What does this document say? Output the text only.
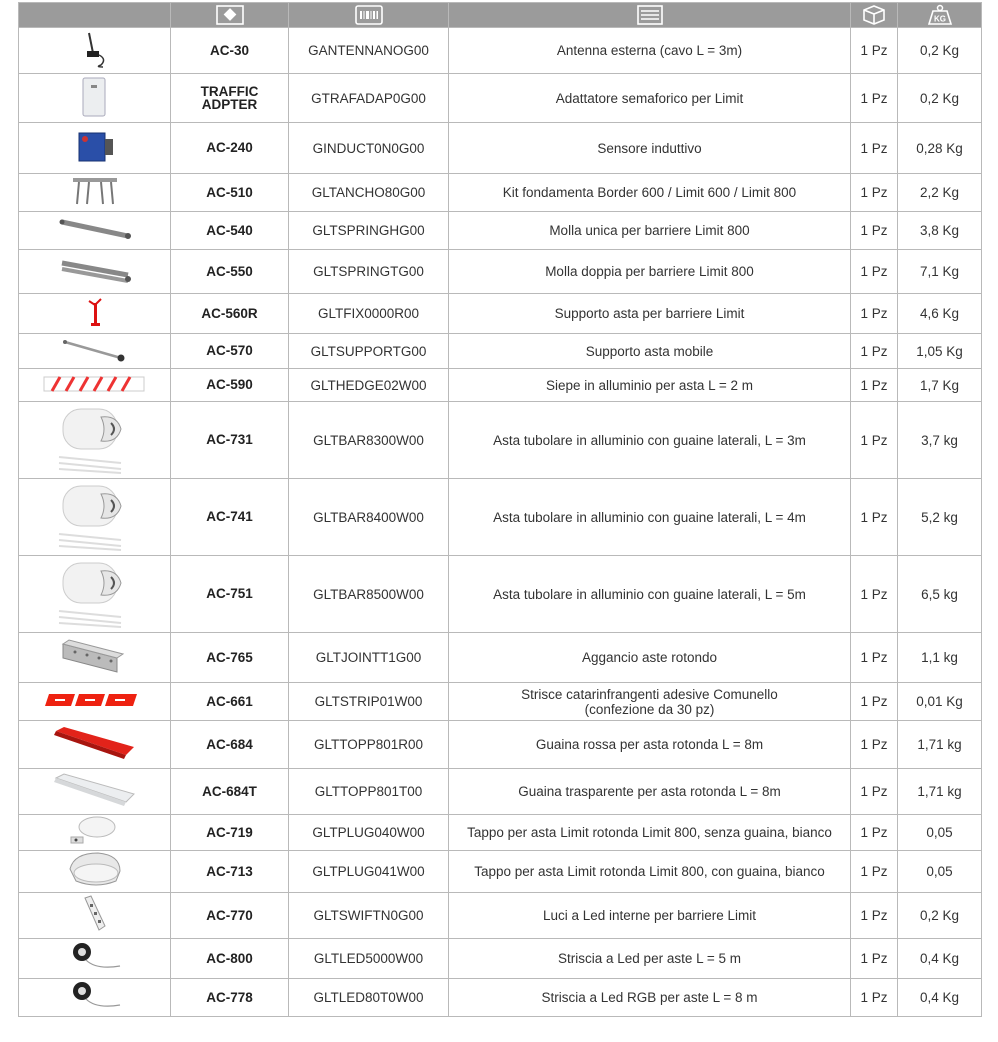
KG

	AC-30	GANTENNANOG00	Antenna esterna (cavo L = 3m)	1 Pz	0,2 Kg

	TRAFFIC ADPTER	GTRAFADAP0G00	Adattatore semaforico per Limit	1 Pz	0,2 Kg

	AC-240	GINDUCT0N0G00	Sensore induttivo	1 Pz	0,28 Kg

	AC-510	GLTANCHO80G00	Kit fondamenta Border 600 / Limit 600 / Limit 800	1 Pz	2,2 Kg

	AC-540	GLTSPRINGHG00	Molla unica per barriere Limit 800	1 Pz	3,8 Kg

	AC-550	GLTSPRINGTG00	Molla doppia per barriere Limit 800	1 Pz	7,1 Kg

	AC-560R	GLTFIX0000R00	Supporto asta per barriere Limit	1 Pz	4,6 Kg

	AC-570	GLTSUPPORTG00	Supporto asta mobile	1 Pz	1,05 Kg

	AC-590	GLTHEDGE02W00	Siepe in alluminio per asta L = 2 m	1 Pz	1,7 Kg

	AC-731	GLTBAR8300W00	Asta tubolare in alluminio con guaine laterali, L = 3m	1 Pz	3,7 kg

	AC-741	GLTBAR8400W00	Asta tubolare in alluminio con guaine laterali, L = 4m	1 Pz	5,2 kg

	AC-751	GLTBAR8500W00	Asta tubolare in alluminio con guaine laterali, L = 5m	1 Pz	6,5 kg

	AC-765	GLTJOINTT1G00	Aggancio aste rotondo	1 Pz	1,1 kg

	AC-661	GLTSTRIP01W00	Strisce catarinfrangenti adesive Comunello
(confezione da 30 pz)	1 Pz	0,01 Kg

	AC-684	GLTTOPP801R00	Guaina rossa per asta rotonda L = 8m	1 Pz	1,71 kg

	AC-684T	GLTTOPP801T00	Guaina trasparente per asta rotonda L = 8m	1 Pz	1,71 kg

	AC-719	GLTPLUG040W00	Tappo per asta Limit rotonda Limit 800, senza guaina, bianco	1 Pz	0,05

	AC-713	GLTPLUG041W00	Tappo per asta Limit rotonda Limit 800, con guaina, bianco	1 Pz	0,05

	AC-770	GLTSWIFTN0G00	Luci a Led interne per barriere Limit	1 Pz	0,2 Kg

	AC-800	GLTLED5000W00	Striscia a Led per aste L = 5 m	1 Pz	0,4 Kg

	AC-778	GLTLED80T0W00	Striscia a Led RGB per aste L = 8 m	1 Pz	0,4 Kg
